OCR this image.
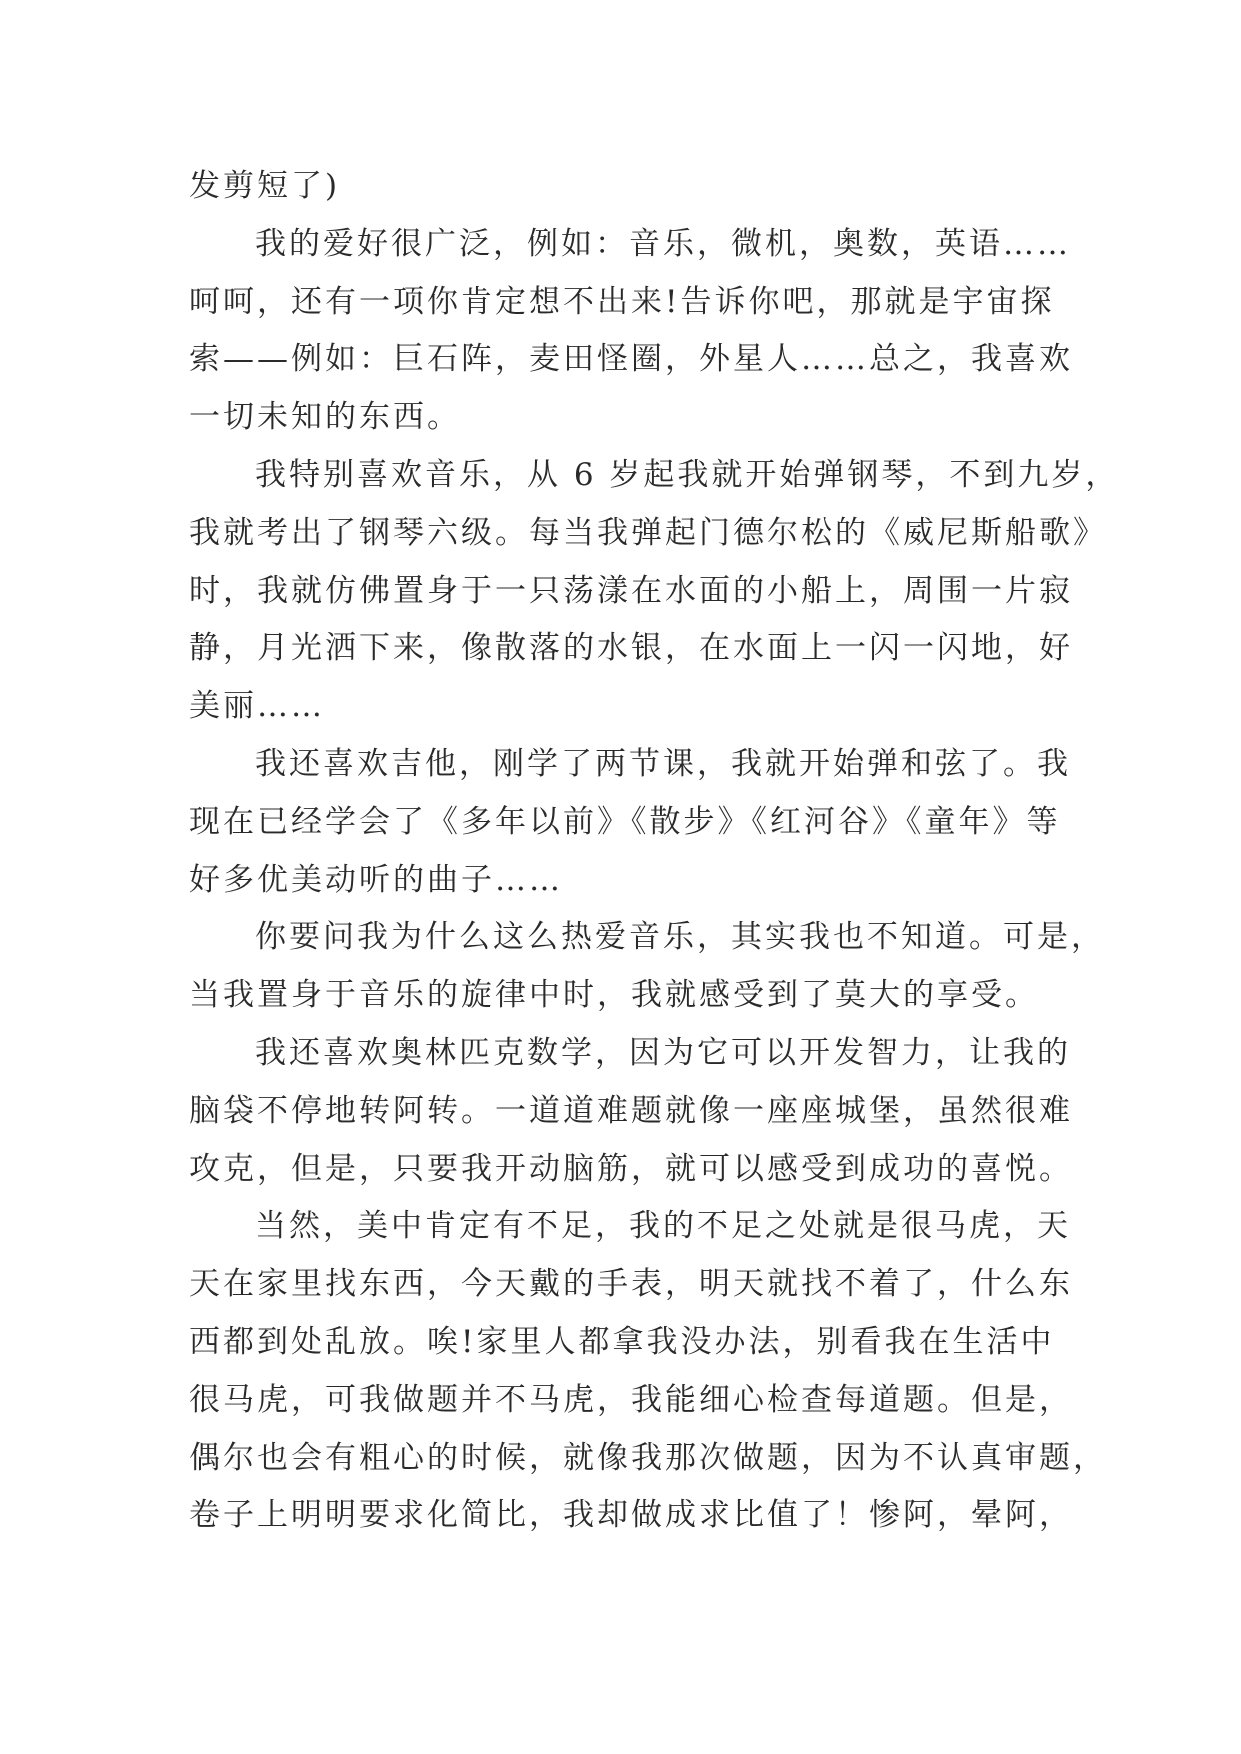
发剪短了)
我的爱好很广泛，例如：音乐，微机，奥数，英语……
呵呵，还有一项你肯定想不出来!告诉你吧，那就是宇宙探
索——例如：巨石阵，麦田怪圈，外星人……总之，我喜欢
一切未知的东西。
我特别喜欢音乐，从 6 岁起我就开始弹钢琴，不到九岁，
我就考出了钢琴六级。每当我弹起门德尔松的《威尼斯船歌》
时，我就仿佛置身于一只荡漾在水面的小船上，周围一片寂
静，月光洒下来，像散落的水银，在水面上一闪一闪地，好
美丽……
我还喜欢吉他，刚学了两节课，我就开始弹和弦了。我
现在已经学会了《多年以前》《散步》《红河谷》《童年》等
好多优美动听的曲子……
你要问我为什么这么热爱音乐，其实我也不知道。可是，
当我置身于音乐的旋律中时，我就感受到了莫大的享受。
我还喜欢奥林匹克数学，因为它可以开发智力，让我的
脑袋不停地转阿转。一道道难题就像一座座城堡，虽然很难
攻克，但是，只要我开动脑筋，就可以感受到成功的喜悦。
当然，美中肯定有不足，我的不足之处就是很马虎，天
天在家里找东西，今天戴的手表，明天就找不着了，什么东
西都到处乱放。唉!家里人都拿我没办法，别看我在生活中
很马虎，可我做题并不马虎，我能细心检查每道题。但是，
偶尔也会有粗心的时候，就像我那次做题，因为不认真审题，
卷子上明明要求化简比，我却做成求比值了！惨阿，晕阿，
